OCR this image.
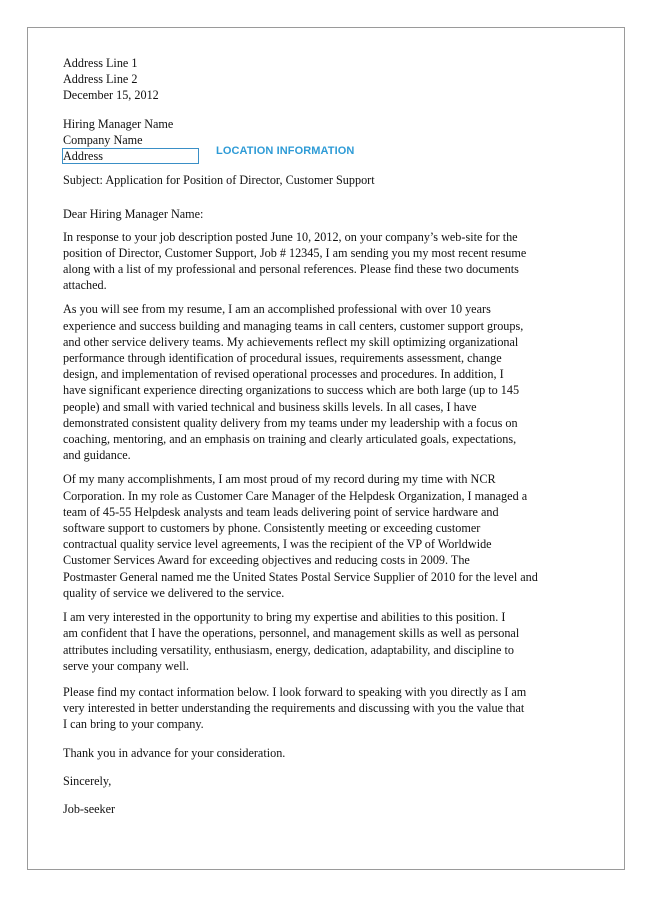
Address Line 1
Address Line 2
December 15, 2012
Hiring Manager Name
Company Name
Address
Subject: Application for Position of Director, Customer Support
Dear Hiring Manager Name:
In response to your job description posted June 10, 2012, on your company’s web-site for the
position of Director, Customer Support, Job # 12345, I am sending you my most recent resume
along with a list of my professional and personal references. Please find these two documents
attached.
As you will see from my resume, I am an accomplished professional with over 10 years
experience and success building and managing teams in call centers, customer support groups,
and other service delivery teams. My achievements reflect my skill optimizing organizational
performance through identification of procedural issues, requirements assessment, change
design, and implementation of revised operational processes and procedures. In addition, I
have significant experience directing organizations to success which are both large (up to 145
people) and small with varied technical and business skills levels. In all cases, I have
demonstrated consistent quality delivery from my teams under my leadership with a focus on
coaching, mentoring, and an emphasis on training and clearly articulated goals, expectations,
and guidance.
Of my many accomplishments, I am most proud of my record during my time with NCR
Corporation. In my role as Customer Care Manager of the Helpdesk Organization, I managed a
team of 45-55 Helpdesk analysts and team leads delivering point of service hardware and
software support to customers by phone. Consistently meeting or exceeding customer
contractual quality service level agreements, I was the recipient of the VP of Worldwide
Customer Services Award for exceeding objectives and reducing costs in 2009. The
Postmaster General named me the United States Postal Service Supplier of 2010 for the level and
quality of service we delivered to the service.
I am very interested in the opportunity to bring my expertise and abilities to this position. I
am confident that I have the operations, personnel, and management skills as well as personal
attributes including versatility, enthusiasm, energy, dedication, adaptability, and discipline to
serve your company well.
Please find my contact information below. I look forward to speaking with you directly as I am
very interested in better understanding the requirements and discussing with you the value that
I can bring to your company.
Thank you in advance for your consideration.
Sincerely,
Job-seeker
LOCATION INFORMATION
